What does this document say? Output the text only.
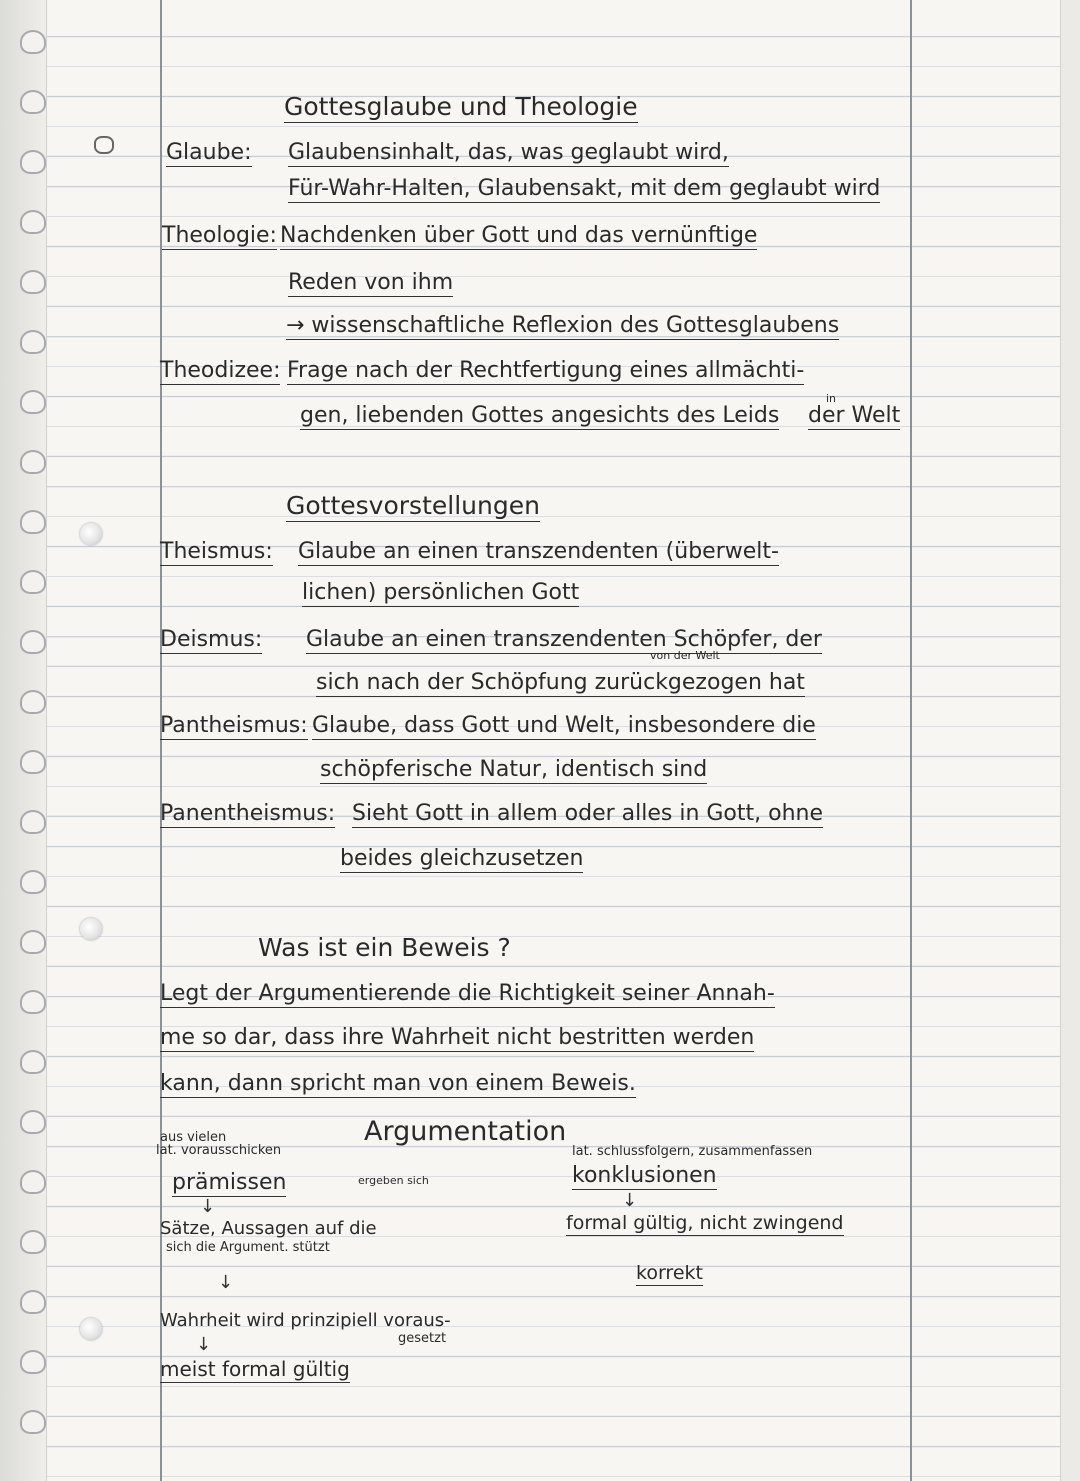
Gottesglaube und Theologie
Glaube: Glaubensinhalt, das, was geglaubt wird,
Für-Wahr-Halten, Glaubensakt, mit dem geglaubt wird
Theologie: Nachdenken über Gott und das vernünftige
Reden von ihm
→ wissenschaftliche Reflexion des Gottesglaubens
Theodizee: Frage nach der Rechtfertigung eines allmächti-
gen, liebenden Gottes angesichts des Leids
in
der Welt
Gottesvorstellungen
Theismus: Glaube an einen transzendenten (überwelt-
lichen) persönlichen Gott
Deismus: Glaube an einen transzendenten Schöpfer, der
von der Welt
sich nach der Schöpfung zurückgezogen hat
Pantheismus: Glaube, dass Gott und Welt, insbesondere die
schöpferische Natur, identisch sind
Panentheismus: Sieht Gott in allem oder alles in Gott, ohne
beides gleichzusetzen
Was ist ein Beweis ?
Legt der Argumentierende die Richtigkeit seiner Annah-
me so dar, dass ihre Wahrheit nicht bestritten werden
kann, dann spricht man von einem Beweis.
Argumentation
aus vielen
lat. vorausschicken
prämissen	ergeben sich
lat. schlussfolgern, zusammenfassen
konklusionen
↓	↓
Sätze, Aussagen auf die
sich die Argument. stützt
formal gültig, nicht zwingend
korrekt
↓
Wahrheit wird prinzipiell voraus-
gesetzt
↓
meist formal gültig
